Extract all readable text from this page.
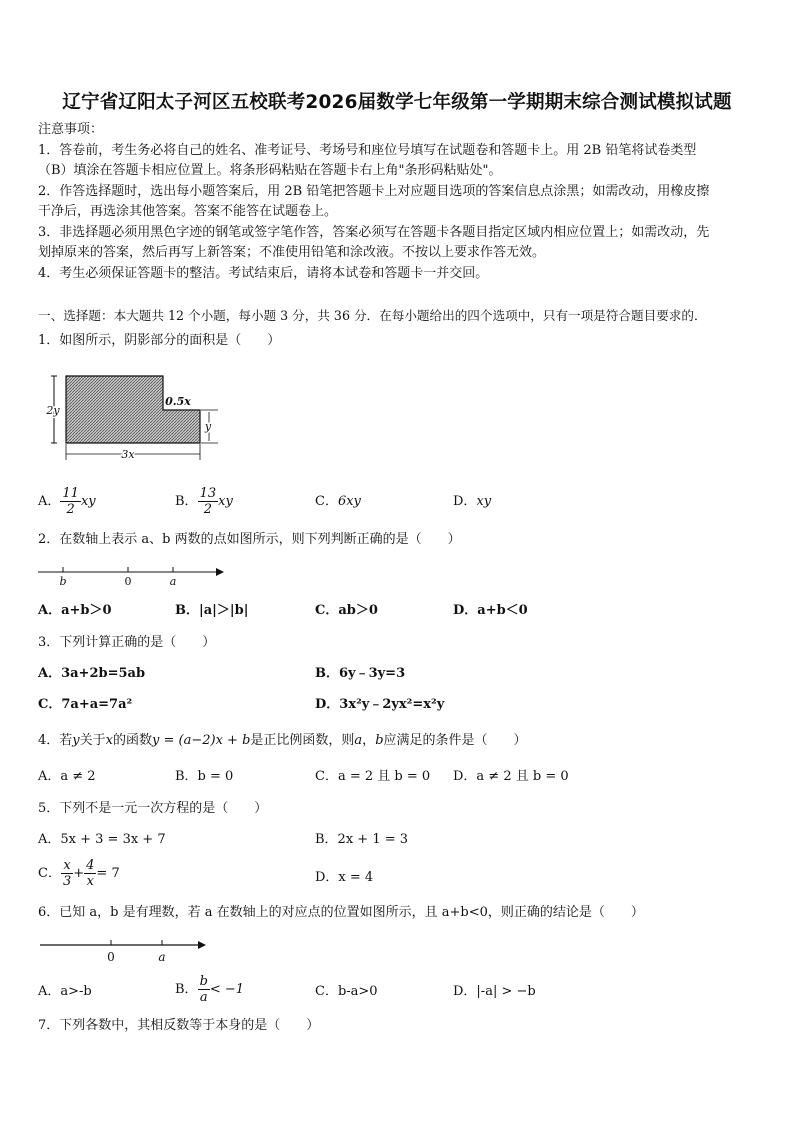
辽宁省辽阳太子河区五校联考2026届数学七年级第一学期期末综合测试模拟试题
注意事项：
1．答卷前，考生务必将自己的姓名、准考证号、考场号和座位号填写在试题卷和答题卡上。用 2B 铅笔将试卷类型
（B）填涂在答题卡相应位置上。将条形码粘贴在答题卡右上角"条形码粘贴处"。
2．作答选择题时，选出每小题答案后，用 2B 铅笔把答题卡上对应题目选项的答案信息点涂黑；如需改动，用橡皮擦
干净后，再选涂其他答案。答案不能答在试题卷上。
3．非选择题必须用黑色字迹的钢笔或签字笔作答，答案必须写在答题卡各题目指定区域内相应位置上；如需改动，先
划掉原来的答案，然后再写上新答案；不准使用铅笔和涂改液。不按以上要求作答无效。
4．考生必须保证答题卡的整洁。考试结束后，请将本试卷和答题卡一并交回。
一、选择题：本大题共 12 个小题，每小题 3 分，共 36 分．在每小题给出的四个选项中，只有一项是符合题目要求的．
1．如图所示，阴影部分的面积是（　　）
2y
0.5x
y
3x
A． $\frac{11}{2}$ xy	B． $\frac{13}{2}$ xy	C．6xy	D．xy
2．在数轴上表示 a、b 两数的点如图所示，则下列判断正确的是（　　）
b	0	a
A．a+b＞0	B．|a|＞|b|	C．ab＞0	D．a+b＜0
3．下列计算正确的是（　　）
A．3a+2b=5ab	B．6y﹣3y=3
C．7a+a=7a²	D．3x²y﹣2yx²=x²y
4．若y关于x的函数y = (a−2)x + b是正比例函数，则a，b应满足的条件是（　　）
A．a ≠ 2	B．b = 0	C．a = 2 且 b = 0 D．a ≠ 2 且 b = 0
5．下列不是一元一次方程的是（　　）
A．5x + 3 = 3x + 7	B．2x + 1 = 3
C． $\frac{x}{3} + \frac{4}{x} = 7$	D．x = 4
6．已知 a，b 是有理数，若 a 在数轴上的对应点的位置如图所示，且 a+b<0，则正确的结论是（　　）
0	a
A．a>-b	B． $\frac{b}{a} < -1$	C．b-a>0	D．|-a| > −b
7．下列各数中，其相反数等于本身的是（　　）
